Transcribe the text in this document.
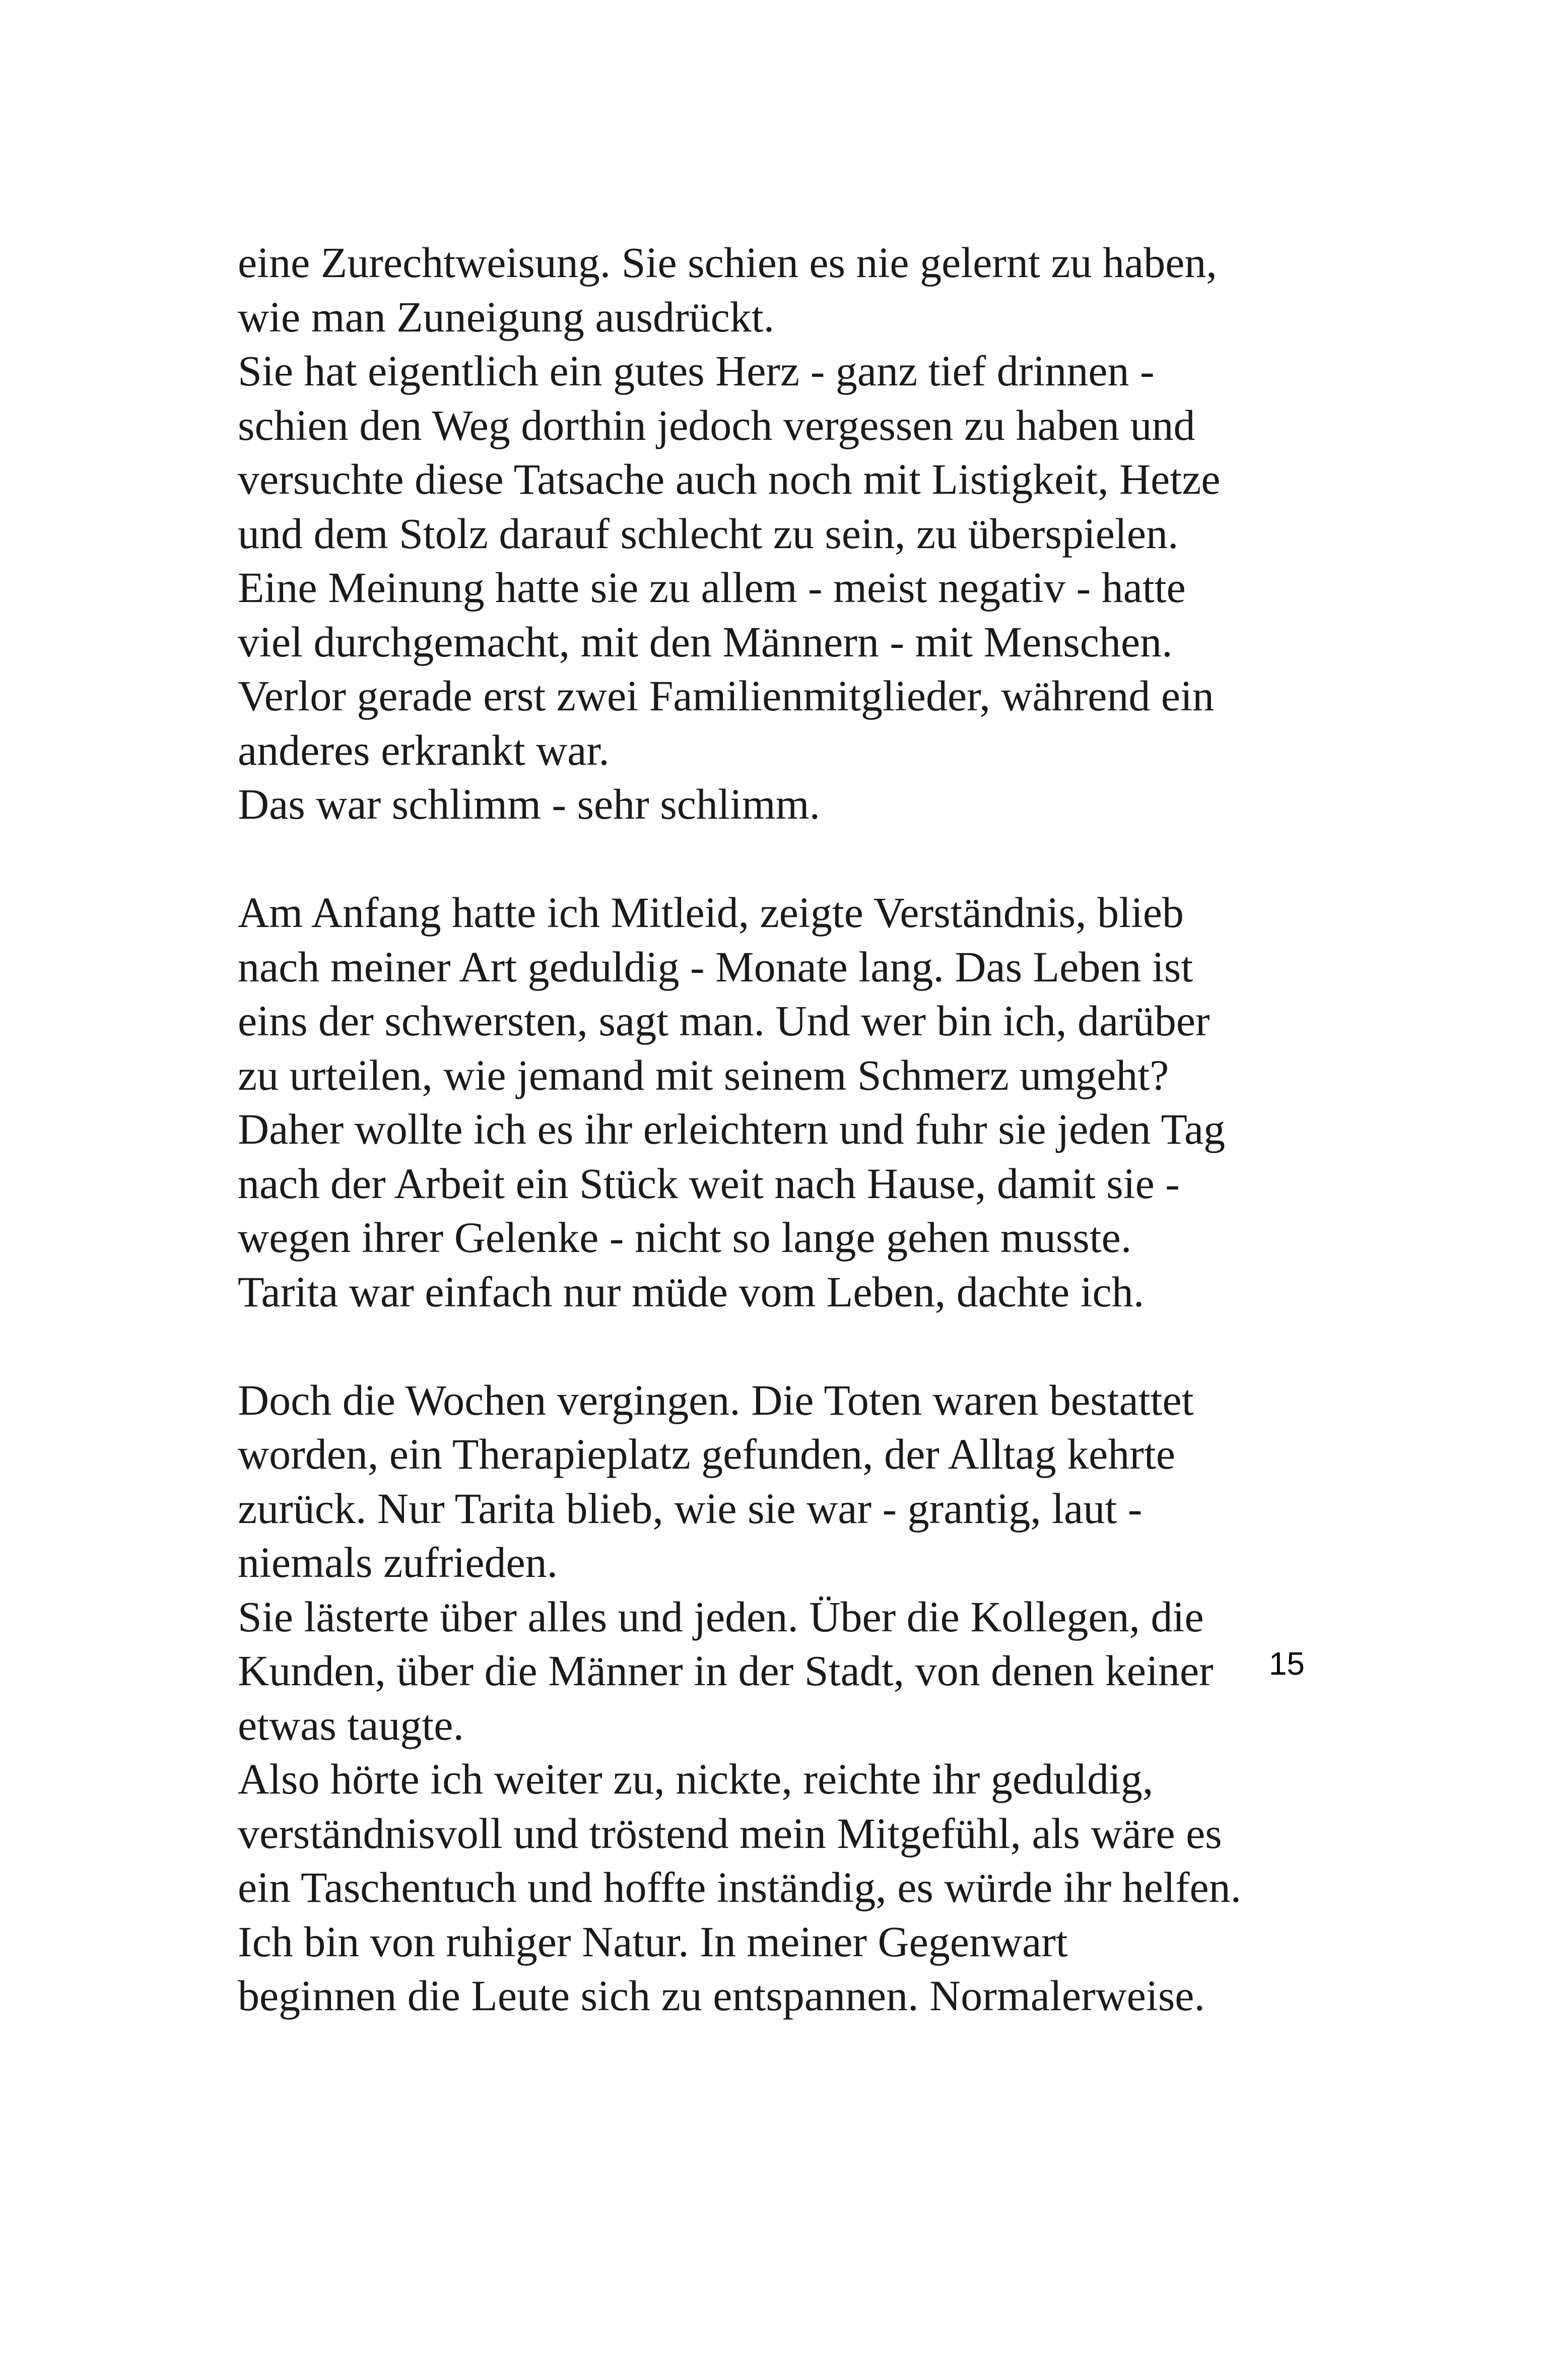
eine Zurechtweisung. Sie schien es nie gelernt zu haben,
wie man Zuneigung ausdrückt.
Sie hat eigentlich ein gutes Herz - ganz tief drinnen -
schien den Weg dorthin jedoch vergessen zu haben und
versuchte diese Tatsache auch noch mit Listigkeit, Hetze
und dem Stolz darauf schlecht zu sein, zu überspielen.
Eine Meinung hatte sie zu allem - meist negativ - hatte
viel durchgemacht, mit den Männern - mit Menschen.
Verlor gerade erst zwei Familienmitglieder, während ein
anderes erkrankt war.
Das war schlimm - sehr schlimm.
Am Anfang hatte ich Mitleid, zeigte Verständnis, blieb
nach meiner Art geduldig - Monate lang. Das Leben ist
eins der schwersten, sagt man. Und wer bin ich, darüber
zu urteilen, wie jemand mit seinem Schmerz umgeht?
Daher wollte ich es ihr erleichtern und fuhr sie jeden Tag
nach der Arbeit ein Stück weit nach Hause, damit sie -
wegen ihrer Gelenke - nicht so lange gehen musste.
Tarita war einfach nur müde vom Leben, dachte ich.
Doch die Wochen vergingen. Die Toten waren bestattet
worden, ein Therapieplatz gefunden, der Alltag kehrte
zurück. Nur Tarita blieb, wie sie war - grantig, laut -
niemals zufrieden.
Sie lästerte über alles und jeden. Über die Kollegen, die
Kunden, über die Männer in der Stadt, von denen keiner
etwas taugte.
Also hörte ich weiter zu, nickte, reichte ihr geduldig,
verständnisvoll und tröstend mein Mitgefühl, als wäre es
ein Taschentuch und hoffte inständig, es würde ihr helfen.
Ich bin von ruhiger Natur. In meiner Gegenwart
beginnen die Leute sich zu entspannen. Normalerweise.
15
